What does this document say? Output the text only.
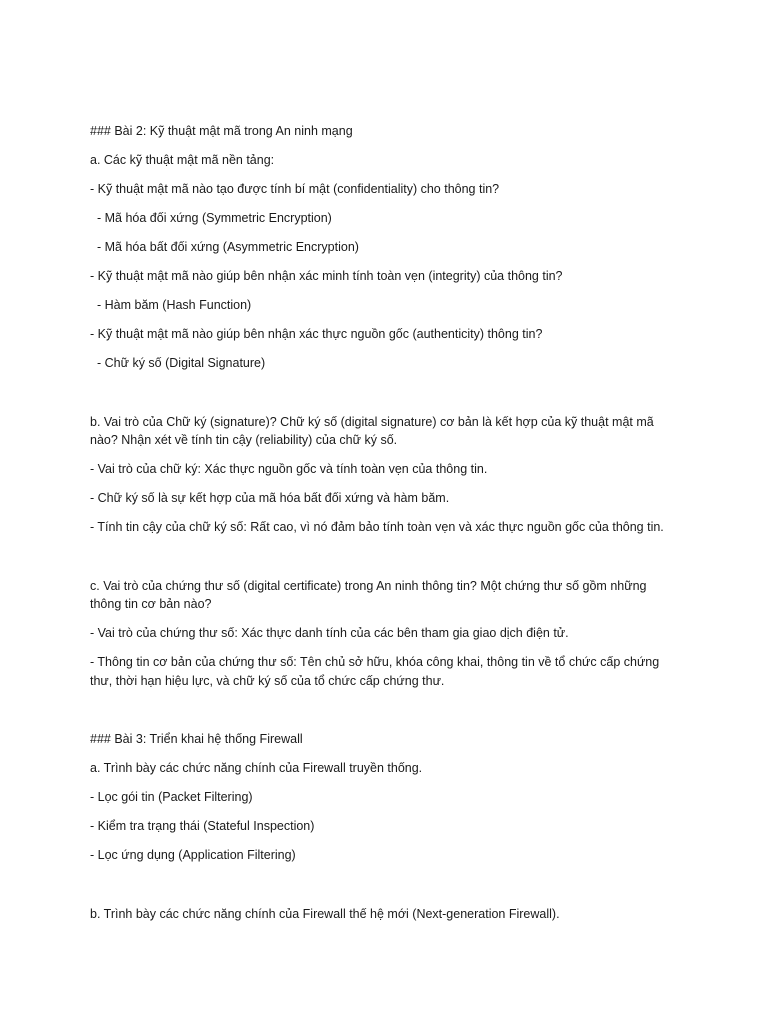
### Bài 2: Kỹ thuật mật mã trong An ninh mạng
a. Các kỹ thuật mật mã nền tảng:
- Kỹ thuật mật mã nào tạo được tính bí mật (confidentiality) cho thông tin?
- Mã hóa đối xứng (Symmetric Encryption)
- Mã hóa bất đối xứng (Asymmetric Encryption)
- Kỹ thuật mật mã nào giúp bên nhận xác minh tính toàn vẹn (integrity) của thông tin?
- Hàm băm (Hash Function)
- Kỹ thuật mật mã nào giúp bên nhận xác thực nguồn gốc (authenticity) thông tin?
- Chữ ký số (Digital Signature)
b. Vai trò của Chữ ký (signature)? Chữ ký số (digital signature) cơ bản là kết hợp của kỹ thuật mật mã
nào? Nhận xét về tính tin cậy (reliability) của chữ ký số.
- Vai trò của chữ ký: Xác thực nguồn gốc và tính toàn vẹn của thông tin.
- Chữ ký số là sự kết hợp của mã hóa bất đối xứng và hàm băm.
- Tính tin cậy của chữ ký số: Rất cao, vì nó đảm bảo tính toàn vẹn và xác thực nguồn gốc của thông tin.
c. Vai trò của chứng thư số (digital certificate) trong An ninh thông tin? Một chứng thư số gồm những
thông tin cơ bản nào?
- Vai trò của chứng thư số: Xác thực danh tính của các bên tham gia giao dịch điện tử.
- Thông tin cơ bản của chứng thư số: Tên chủ sở hữu, khóa công khai, thông tin về tổ chức cấp chứng
thư, thời hạn hiệu lực, và chữ ký số của tổ chức cấp chứng thư.
### Bài 3: Triển khai hệ thống Firewall
a. Trình bày các chức năng chính của Firewall truyền thống.
- Lọc gói tin (Packet Filtering)
- Kiểm tra trạng thái (Stateful Inspection)
- Lọc ứng dụng (Application Filtering)
b. Trình bày các chức năng chính của Firewall thế hệ mới (Next-generation Firewall).
